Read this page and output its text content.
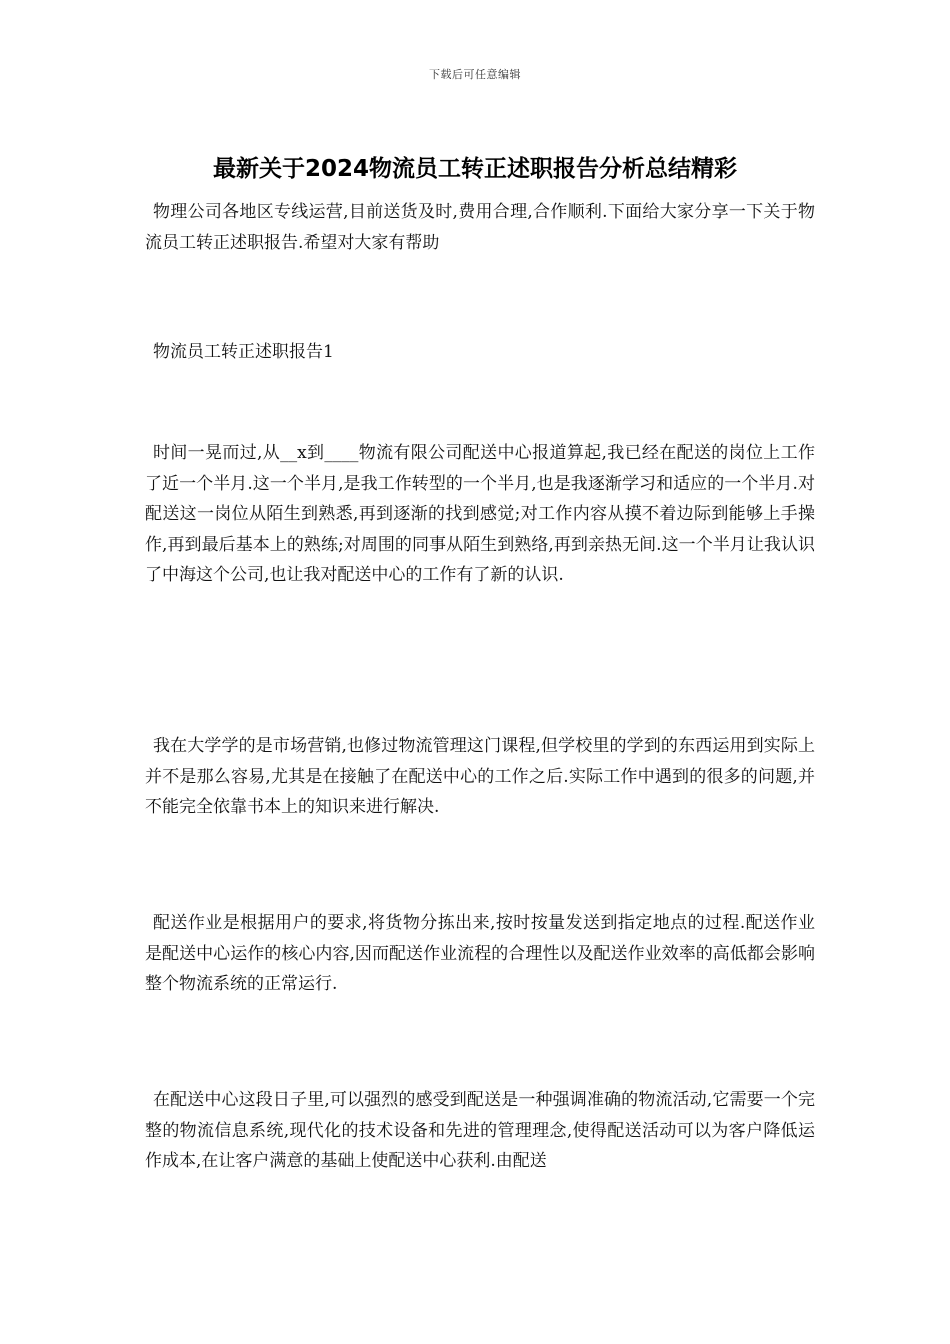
下载后可任意编辑
最新关于2024物流员工转正述职报告分析总结精彩

物理公司各地区专线运营,目前送货及时,费用合理,合作顺利.下面给大家分享一下关于物流员工转正述职报告.希望对大家有帮助

物流员工转正述职报告1

时间一晃而过,从__x到____物流有限公司配送中心报道算起,我已经在配送的岗位上工作了近一个半月.这一个半月,是我工作转型的一个半月,也是我逐渐学习和适应的一个半月.对配送这一岗位从陌生到熟悉,再到逐渐的找到感觉;对工作内容从摸不着边际到能够上手操作,再到最后基本上的熟练;对周围的同事从陌生到熟络,再到亲热无间.这一个半月让我认识了中海这个公司,也让我对配送中心的工作有了新的认识.

我在大学学的是市场营销,也修过物流管理这门课程,但学校里的学到的东西运用到实际上并不是那么容易,尤其是在接触了在配送中心的工作之后.实际工作中遇到的很多的问题,并不能完全依靠书本上的知识来进行解决.

配送作业是根据用户的要求,将货物分拣出来,按时按量发送到指定地点的过程.配送作业是配送中心运作的核心内容,因而配送作业流程的合理性以及配送作业效率的高低都会影响整个物流系统的正常运行.

在配送中心这段日子里,可以强烈的感受到配送是一种强调准确的物流活动,它需要一个完整的物流信息系统,现代化的技术设备和先进的管理理念,使得配送活动可以为客户降低运作成本,在让客户满意的基础上使配送中心获利.由配送
